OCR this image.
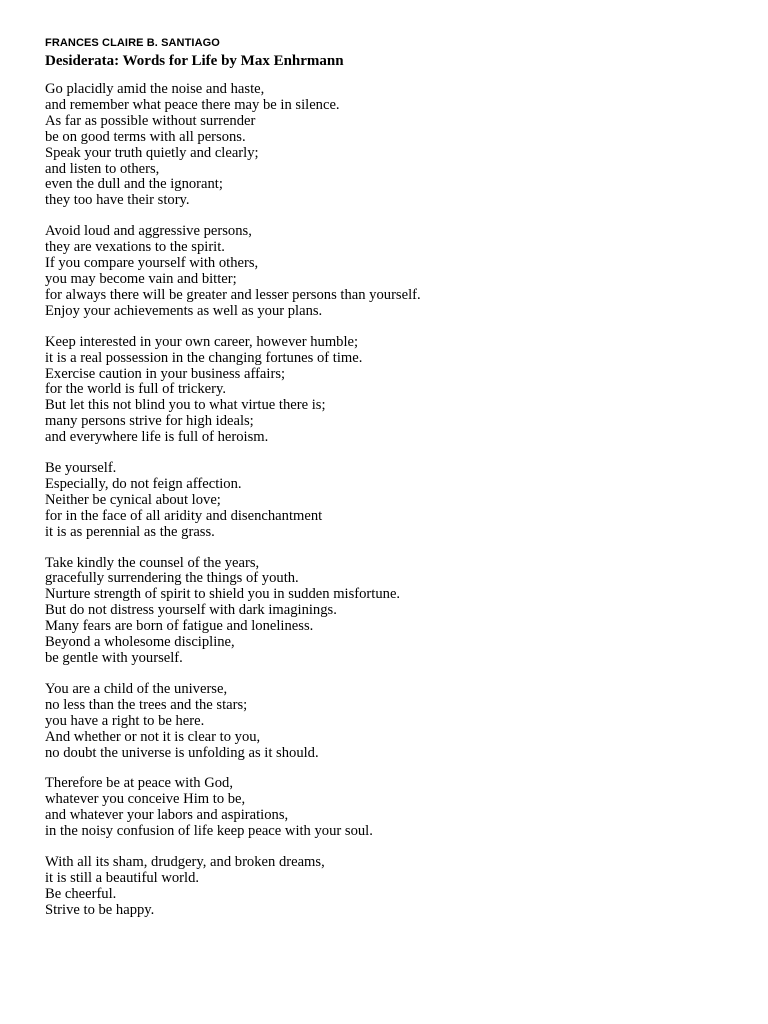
FRANCES CLAIRE B. SANTIAGO
Desiderata: Words for Life by Max Enhrmann
Go placidly amid the noise and haste,
and remember what peace there may be in silence.
As far as possible without surrender
be on good terms with all persons.
Speak your truth quietly and clearly;
and listen to others,
even the dull and the ignorant;
they too have their story.
Avoid loud and aggressive persons,
they are vexations to the spirit.
If you compare yourself with others,
you may become vain and bitter;
for always there will be greater and lesser persons than yourself.
Enjoy your achievements as well as your plans.
Keep interested in your own career, however humble;
it is a real possession in the changing fortunes of time.
Exercise caution in your business affairs;
for the world is full of trickery.
But let this not blind you to what virtue there is;
many persons strive for high ideals;
and everywhere life is full of heroism.
Be yourself.
Especially, do not feign affection.
Neither be cynical about love;
for in the face of all aridity and disenchantment
it is as perennial as the grass.
Take kindly the counsel of the years,
gracefully surrendering the things of youth.
Nurture strength of spirit to shield you in sudden misfortune.
But do not distress yourself with dark imaginings.
Many fears are born of fatigue and loneliness.
Beyond a wholesome discipline,
be gentle with yourself.
You are a child of the universe,
no less than the trees and the stars;
you have a right to be here.
And whether or not it is clear to you,
no doubt the universe is unfolding as it should.
Therefore be at peace with God,
whatever you conceive Him to be,
and whatever your labors and aspirations,
in the noisy confusion of life keep peace with your soul.
With all its sham, drudgery, and broken dreams,
it is still a beautiful world.
Be cheerful.
Strive to be happy.
